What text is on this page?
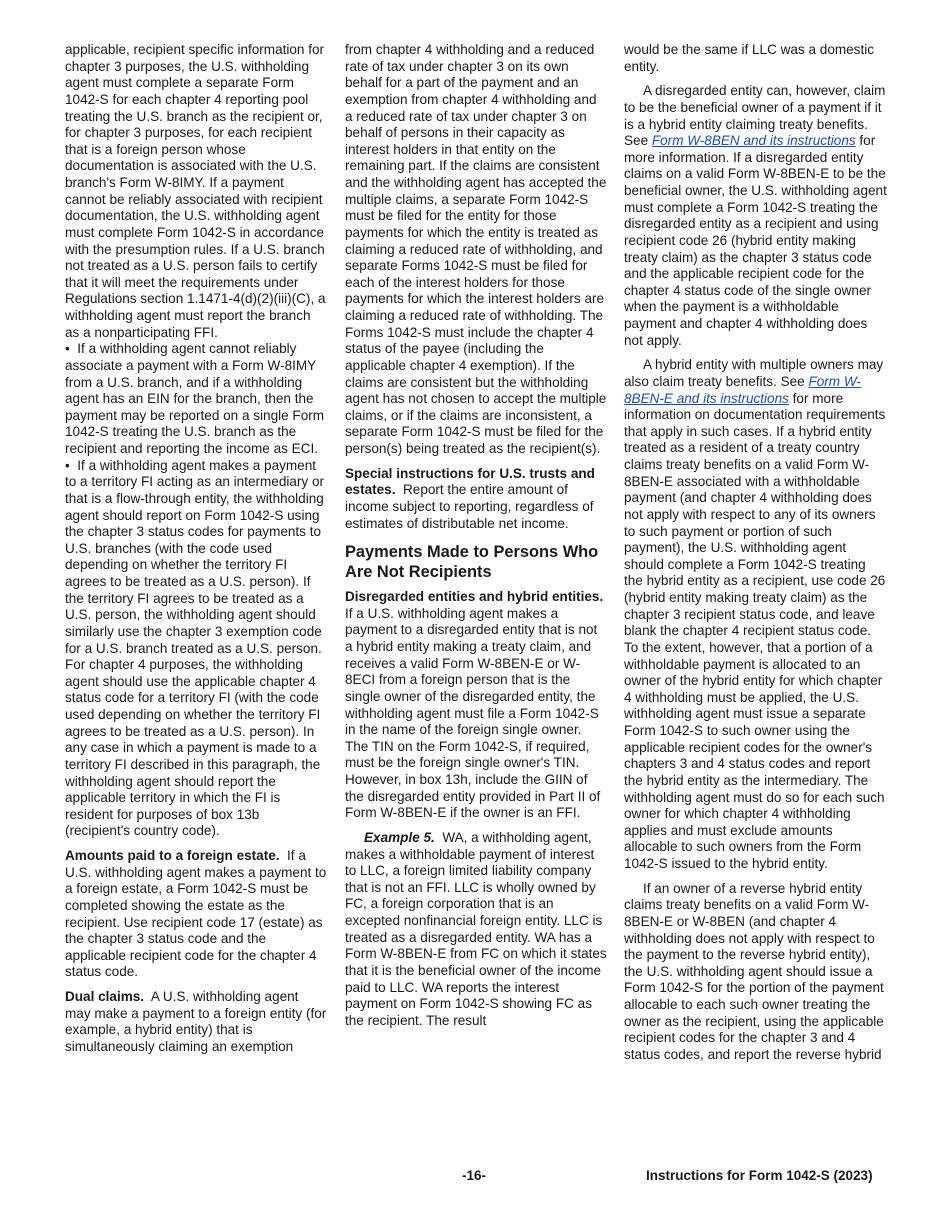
applicable, recipient specific information for chapter 3 purposes, the U.S. withholding agent must complete a separate Form 1042-S for each chapter 4 reporting pool treating the U.S. branch as the recipient or, for chapter 3 purposes, for each recipient that is a foreign person whose documentation is associated with the U.S. branch's Form W-8IMY. If a payment cannot be reliably associated with recipient documentation, the U.S. withholding agent must complete Form 1042-S in accordance with the presumption rules. If a U.S. branch not treated as a U.S. person fails to certify that it will meet the requirements under Regulations section 1.1471-4(d)(2)(iii)(C), a withholding agent must report the branch as a nonparticipating FFI.

•  If a withholding agent cannot reliably associate a payment with a Form W-8IMY from a U.S. branch, and if a withholding agent has an EIN for the branch, then the payment may be reported on a single Form 1042-S treating the U.S. branch as the recipient and reporting the income as ECI.

•  If a withholding agent makes a payment to a territory FI acting as an intermediary or that is a flow-through entity, the withholding agent should report on Form 1042-S using the chapter 3 status codes for payments to U.S. branches (with the code used depending on whether the territory FI agrees to be treated as a U.S. person). If the territory FI agrees to be treated as a U.S. person, the withholding agent should similarly use the chapter 3 exemption code for a U.S. branch treated as a U.S. person. For chapter 4 purposes, the withholding agent should use the applicable chapter 4 status code for a territory FI (with the code used depending on whether the territory FI agrees to be treated as a U.S. person). In any case in which a payment is made to a territory FI described in this paragraph, the withholding agent should report the applicable territory in which the FI is resident for purposes of box 13b (recipient's country code).

Amounts paid to a foreign estate. If a U.S. withholding agent makes a payment to a foreign estate, a Form 1042-S must be completed showing the estate as the recipient. Use recipient code 17 (estate) as the chapter 3 status code and the applicable recipient code for the chapter 4 status code.

Dual claims. A U.S. withholding agent may make a payment to a foreign entity (for example, a hybrid entity) that is simultaneously claiming an exemption

from chapter 4 withholding and a reduced rate of tax under chapter 3 on its own behalf for a part of the payment and an exemption from chapter 4 withholding and a reduced rate of tax under chapter 3 on behalf of persons in their capacity as interest holders in that entity on the remaining part. If the claims are consistent and the withholding agent has accepted the multiple claims, a separate Form 1042-S must be filed for the entity for those payments for which the entity is treated as claiming a reduced rate of withholding, and separate Forms 1042-S must be filed for each of the interest holders for those payments for which the interest holders are claiming a reduced rate of withholding. The Forms 1042-S must include the chapter 4 status of the payee (including the applicable chapter 4 exemption). If the claims are consistent but the withholding agent has not chosen to accept the multiple claims, or if the claims are inconsistent, a separate Form 1042-S must be filed for the person(s) being treated as the recipient(s).

Special instructions for U.S. trusts and estates. Report the entire amount of income subject to reporting, regardless of estimates of distributable net income.

Payments Made to Persons Who Are Not Recipients

Disregarded entities and hybrid entities.  If a U.S. withholding agent makes a payment to a disregarded entity that is not a hybrid entity making a treaty claim, and receives a valid Form W-8BEN-E or W-8ECI from a foreign person that is the single owner of the disregarded entity, the withholding agent must file a Form 1042-S in the name of the foreign single owner. The TIN on the Form 1042-S, if required, must be the foreign single owner's TIN. However, in box 13h, include the GIIN of the disregarded entity provided in Part II of Form W-8BEN-E if the owner is an FFI.

Example 5. WA, a withholding agent, makes a withholdable payment of interest to LLC, a foreign limited liability company that is not an FFI. LLC is wholly owned by FC, a foreign corporation that is an excepted nonfinancial foreign entity. LLC is treated as a disregarded entity. WA has a Form W-8BEN-E from FC on which it states that it is the beneficial owner of the income paid to LLC. WA reports the interest payment on Form 1042-S showing FC as the recipient. The result

would be the same if LLC was a domestic entity.

A disregarded entity can, however, claim to be the beneficial owner of a payment if it is a hybrid entity claiming treaty benefits. See Form W-8BEN and its instructions for more information. If a disregarded entity claims on a valid Form W-8BEN-E to be the beneficial owner, the U.S. withholding agent must complete a Form 1042-S treating the disregarded entity as a recipient and using recipient code 26 (hybrid entity making treaty claim) as the chapter 3 status code and the applicable recipient code for the chapter 4 status code of the single owner when the payment is a withholdable payment and chapter 4 withholding does not apply.

A hybrid entity with multiple owners may also claim treaty benefits. See Form W-8BEN-E and its instructions for more information on documentation requirements that apply in such cases. If a hybrid entity treated as a resident of a treaty country claims treaty benefits on a valid Form W-8BEN-E associated with a withholdable payment (and chapter 4 withholding does not apply with respect to any of its owners to such payment or portion of such payment), the U.S. withholding agent should complete a Form 1042-S treating the hybrid entity as a recipient, use code 26 (hybrid entity making treaty claim) as the chapter 3 recipient status code, and leave blank the chapter 4 recipient status code. To the extent, however, that a portion of a withholdable payment is allocated to an owner of the hybrid entity for which chapter 4 withholding must be applied, the U.S. withholding agent must issue a separate Form 1042-S to such owner using the applicable recipient codes for the owner's chapters 3 and 4 status codes and report the hybrid entity as the intermediary. The withholding agent must do so for each such owner for which chapter 4 withholding applies and must exclude amounts allocable to such owners from the Form 1042-S issued to the hybrid entity.

If an owner of a reverse hybrid entity claims treaty benefits on a valid Form W-8BEN-E or W-8BEN (and chapter 4 withholding does not apply with respect to the payment to the reverse hybrid entity), the U.S. withholding agent should issue a Form 1042-S for the portion of the payment allocable to each such owner treating the owner as the recipient, using the applicable recipient codes for the chapter 3 and 4 status codes, and report the reverse hybrid

-16-	Instructions for Form 1042-S (2023)
